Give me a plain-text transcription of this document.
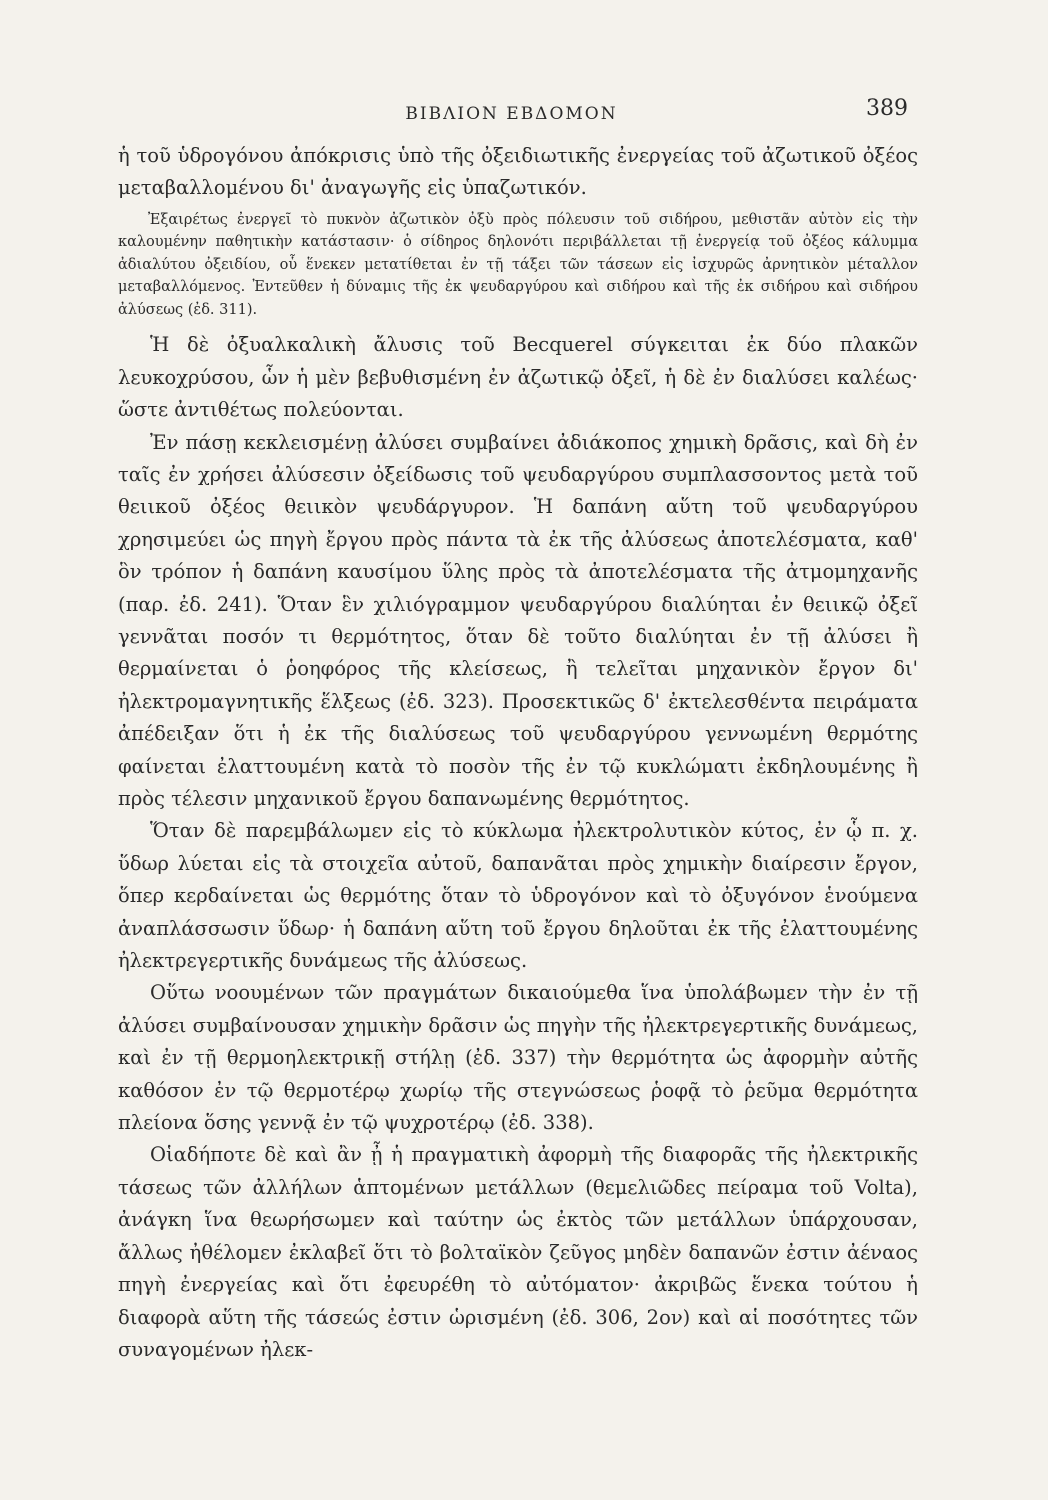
ΒΙΒΛΙΟΝ ΕΒΔΟΜΟΝ	389

ἡ τοῦ ὑδρογόνου ἀπόκρισις ὑπὸ τῆς ὀξειδιωτικῆς ἐνεργείας τοῦ ἀζωτικοῦ ὀξέος μεταβαλλομένου δι' ἀναγωγῆς εἰς ὑπαζωτικόν.

Ἐξαιρέτως ἐνεργεῖ τὸ πυκνὸν ἀζωτικὸν ὀξὺ πρὸς πόλευσιν τοῦ σιδήρου, μεθιστᾶν αὐτὸν εἰς τὴν καλουμένην παθητικὴν κατάστασιν· ὁ σίδηρος δηλονότι περιβάλλεται τῇ ἐνεργείᾳ τοῦ ὀξέος κάλυμμα ἀδιαλύτου ὀξειδίου, οὗ ἕνεκεν μετατίθεται ἐν τῇ τάξει τῶν τάσεων εἰς ἰσχυρῶς ἀρνητικὸν μέταλλον μεταβαλλόμενος. Ἐντεῦθεν ἡ δύναμις τῆς ἐκ ψευδαργύρου καὶ σιδήρου καὶ τῆς ἐκ σιδήρου καὶ σιδήρου ἀλύσεως (ἐδ. 311).

Ἡ δὲ ὀξυαλκαλικὴ ἄλυσις τοῦ Becquerel σύγκειται ἐκ δύο πλακῶν λευκοχρύσου, ὧν ἡ μὲν βεβυθισμένη ἐν ἀζωτικῷ ὀξεῖ, ἡ δὲ ἐν διαλύσει καλέως· ὥστε ἀντιθέτως πολεύονται.

Ἐν πάσῃ κεκλεισμένῃ ἀλύσει συμβαίνει ἀδιάκοπος χημικὴ δρᾶσις, καὶ δὴ ἐν ταῖς ἐν χρήσει ἀλύσεσιν ὀξείδωσις τοῦ ψευδαργύρου συμπλασσοντος μετὰ τοῦ θειικοῦ ὀξέος θειικὸν ψευδάργυρον. Ἡ δαπάνη αὕτη τοῦ ψευδαργύρου χρησιμεύει ὡς πηγὴ ἔργου πρὸς πάντα τὰ ἐκ τῆς ἀλύσεως ἀποτελέσματα, καθ' ὃν τρόπον ἡ δαπάνη καυσίμου ὕλης πρὸς τὰ ἀποτελέσματα τῆς ἀτμομηχανῆς (παρ. ἐδ. 241). Ὅταν ἓν χιλιόγραμμον ψευδαργύρου διαλύηται ἐν θειικῷ ὀξεῖ γεννᾶται ποσόν τι θερμότητος, ὅταν δὲ τοῦτο διαλύηται ἐν τῇ ἀλύσει ἢ θερμαίνεται ὁ ῥοηφόρος τῆς κλείσεως, ἢ τελεῖται μηχανικὸν ἔργον δι' ἠλεκτρομαγνητικῆς ἕλξεως (ἐδ. 323). Προσεκτικῶς δ' ἐκτελεσθέντα πειράματα ἀπέδειξαν ὅτι ἡ ἐκ τῆς διαλύσεως τοῦ ψευδαργύρου γεννωμένη θερμότης φαίνεται ἐλαττουμένη κατὰ τὸ ποσὸν τῆς ἐν τῷ κυκλώματι ἐκδηλουμένης ἢ πρὸς τέλεσιν μηχανικοῦ ἔργου δαπανωμένης θερμότητος.

Ὅταν δὲ παρεμβάλωμεν εἰς τὸ κύκλωμα ἠλεκτρολυτικὸν κύτος, ἐν ᾧ π. χ. ὕδωρ λύεται εἰς τὰ στοιχεῖα αὐτοῦ, δαπανᾶται πρὸς χημικὴν διαίρεσιν ἔργον, ὅπερ κερδαίνεται ὡς θερμότης ὅταν τὸ ὑδρογόνον καὶ τὸ ὀξυγόνον ἑνούμενα ἀναπλάσσωσιν ὕδωρ· ἡ δαπάνη αὕτη τοῦ ἔργου δηλοῦται ἐκ τῆς ἐλαττουμένης ἠλεκτρεγερτικῆς δυνάμεως τῆς ἀλύσεως.

Οὕτω νοουμένων τῶν πραγμάτων δικαιούμεθα ἵνα ὑπολάβωμεν τὴν ἐν τῇ ἀλύσει συμβαίνουσαν χημικὴν δρᾶσιν ὡς πηγὴν τῆς ἠλεκτρεγερτικῆς δυνάμεως, καὶ ἐν τῇ θερμοηλεκτρικῇ στήλῃ (ἐδ. 337) τὴν θερμότητα ὡς ἀφορμὴν αὐτῆς καθόσον ἐν τῷ θερμοτέρῳ χωρίῳ τῆς στεγνώσεως ῥοφᾷ τὸ ῥεῦμα θερμότητα πλείονα ὅσης γεννᾷ ἐν τῷ ψυχροτέρῳ (ἐδ. 338).

Οἱαδήποτε δὲ καὶ ἂν ᾖ ἡ πραγματικὴ ἀφορμὴ τῆς διαφορᾶς τῆς ἠλεκτρικῆς τάσεως τῶν ἀλλήλων ἁπτομένων μετάλλων (θεμελιῶδες πείραμα τοῦ Volta), ἀνάγκη ἵνα θεωρήσωμεν καὶ ταύτην ὡς ἐκτὸς τῶν μετάλλων ὑπάρχουσαν, ἄλλως ἠθέλομεν ἐκλαβεῖ ὅτι τὸ βολταϊκὸν ζεῦγος μηδὲν δαπανῶν ἐστιν ἀέναος πηγὴ ἐνεργείας καὶ ὅτι ἐφευρέθη τὸ αὐτόματον· ἀκριβῶς ἕνεκα τούτου ἡ διαφορὰ αὕτη τῆς τάσεώς ἐστιν ὡρισμένη (ἐδ. 306, 2ον) καὶ αἱ ποσότητες τῶν συναγομένων ἠλεκ-
